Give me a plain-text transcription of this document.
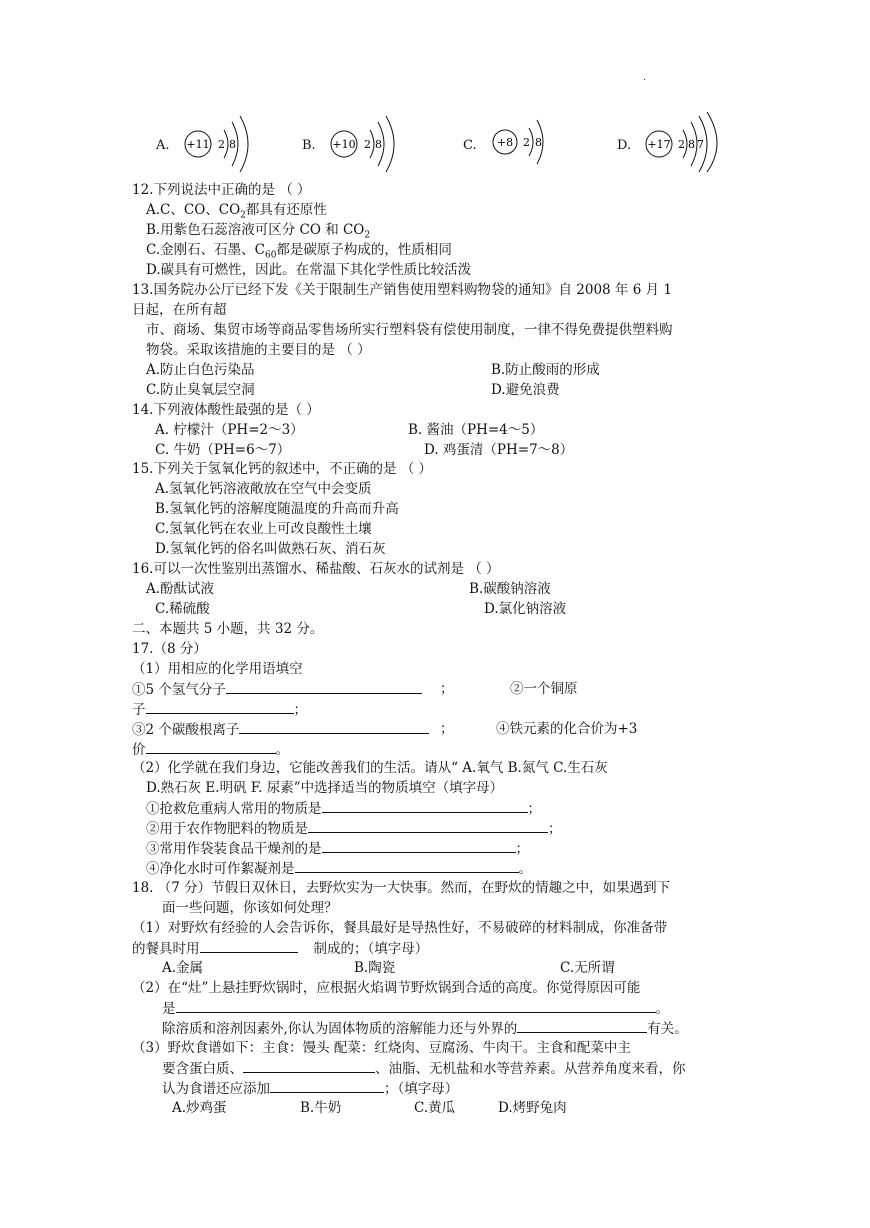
.
A. +11 2 8	B. +10 2 8	C. +8 2 8	D. +17 2 8 7
12.下列说法中正确的是 （ ）
A.C、CO、$CO_2$都具有还原性
B.用紫色石蕊溶液可区分 CO 和 $CO_2$
C.金刚石、石墨、$C_{60}$都是碳原子构成的，性质相同
D.碳具有可燃性，因此。在常温下其化学性质比较活泼
13.国务院办公厅已经下发《关于限制生产销售使用塑料购物袋的通知》自 2008 年 6 月 1
日起，在所有超
市、商场、集贸市场等商品零售场所实行塑料袋有偿使用制度，一律不得免费提供塑料购
物袋。采取该措施的主要目的是 （ ）
A.防止白色污染品	B.防止酸雨的形成
C.防止臭氧层空洞	D.避免浪费
14.下列液体酸性最强的是（ ）
A. 柠檬汁（PH=2～3）	B. 酱油（PH=4～5）
C. 牛奶（PH=6～7）	D. 鸡蛋清（PH=7～8）
15.下列关于氢氧化钙的叙述中，不正确的是 （ ）
A.氢氧化钙溶液敞放在空气中会变质
B.氢氧化钙的溶解度随温度的升高而升高
C.氢氧化钙在农业上可改良酸性土壤
D.氢氧化钙的俗名叫做熟石灰、消石灰
16.可以一次性鉴别出蒸馏水、稀盐酸、石灰水的试剂是 （ ）
A.酚酞试液	B.碳酸钠溶液
C.稀硫酸	D.氯化钠溶液
二、本题共 5 小题，共 32 分。
17.（8 分）
（1）用相应的化学用语填空
①5 个氢气分子	；	②一个铜原
子	；
③2 个碳酸根离子	；	④铁元素的化合价为+3
价	。
（2）化学就在我们身边，它能改善我们的生活。请从“ A.氧气 B.氮气 C.生石灰
D.熟石灰 E.明矾 F. 尿素”中选择适当的物质填空（填字母）
①抢救危重病人常用的物质是	；
②用于农作物肥料的物质是	；
③常用作袋装食品干燥剂的是	；
④净化水时可作絮凝剂是	。
18. （7 分）节假日双休日，去野炊实为一大快事。然而，在野炊的情趣之中，如果遇到下
面一些问题，你该如何处理？
（1）对野炊有经验的人会告诉你，餐具最好是导热性好，不易破碎的材料制成，你准备带
的餐具时用	制成的；（填字母）
A.金属	B.陶瓷	C.无所谓
（2）在“灶”上悬挂野炊锅时，应根据火焰调节野炊锅到合适的高度。你觉得原因可能
是	。
除溶质和溶剂因素外,你认为固体物质的溶解能力还与外界的	有关。
（3）野炊食谱如下：主食：馒头 配菜：红烧肉、豆腐汤、牛肉干。主食和配菜中主
要含蛋白质、	、油脂、无机盐和水等营养素。从营养角度来看，你
认为食谱还应添加	；（填字母）
A.炒鸡蛋	B.牛奶	C.黄瓜	D.烤野兔肉
